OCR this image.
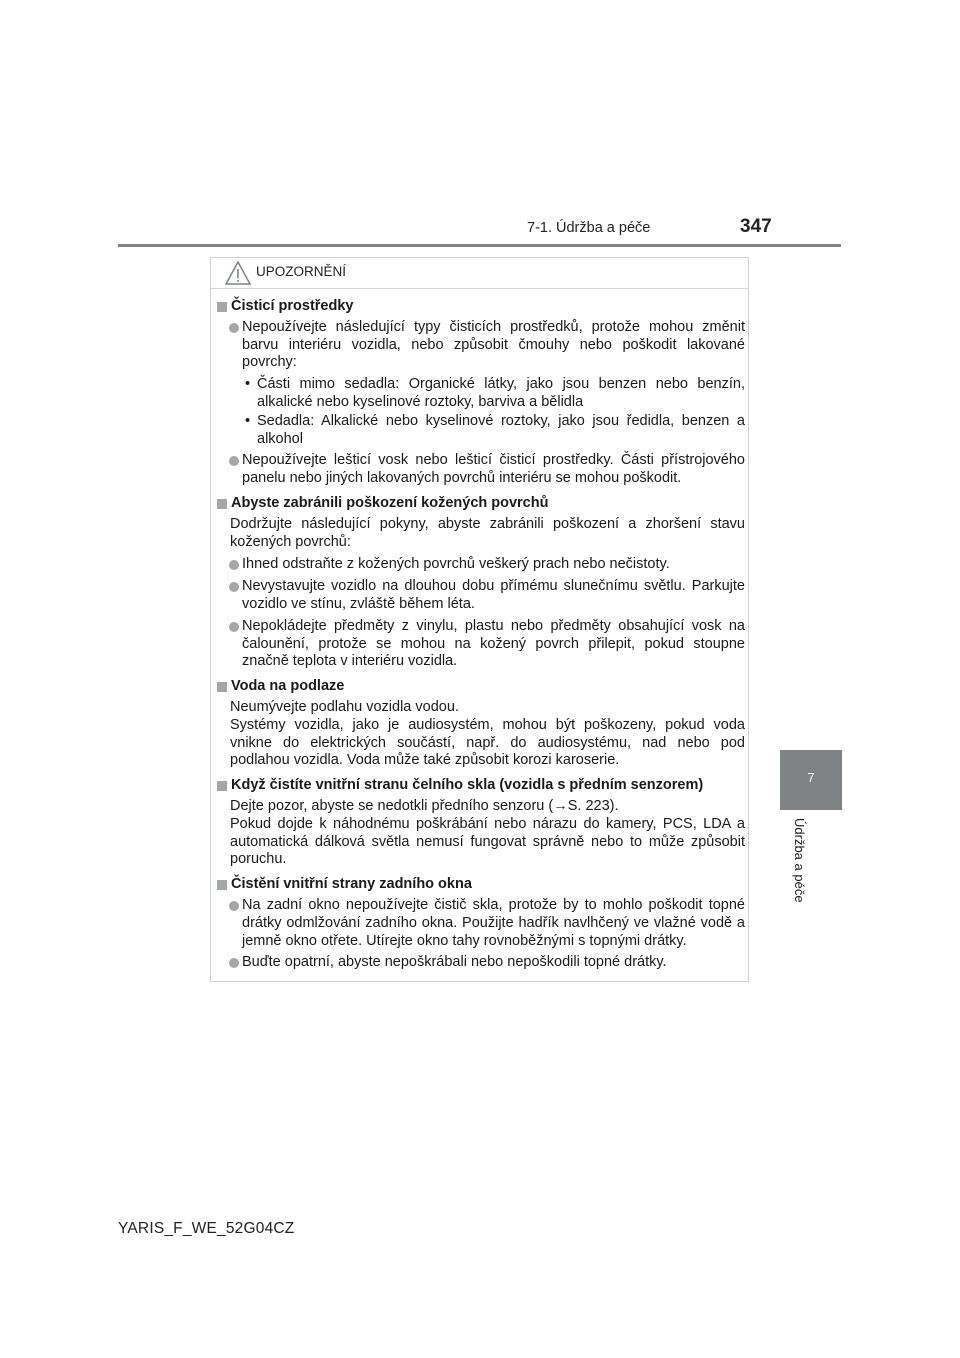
7-1. Údržba a péče	347
7
Údržba a péče
UPOZORNĚNÍ
Čisticí prostředky
Nepoužívejte následující typy čisticích prostředků, protože mohou změnit barvu interiéru vozidla, nebo způsobit čmouhy nebo poškodit lakované povrchy:
• Části mimo sedadla: Organické látky, jako jsou benzen nebo benzín, alkalické nebo kyselinové roztoky, barviva a bělidla
• Sedadla: Alkalické nebo kyselinové roztoky, jako jsou ředidla, benzen a alkohol
Nepoužívejte lešticí vosk nebo lešticí čisticí prostředky. Části přístrojového panelu nebo jiných lakovaných povrchů interiéru se mohou poškodit.
Abyste zabránili poškození kožených povrchů
Dodržujte následující pokyny, abyste zabránili poškození a zhoršení stavu kožených povrchů:
Ihned odstraňte z kožených povrchů veškerý prach nebo nečistoty.
Nevystavujte vozidlo na dlouhou dobu přímému slunečnímu světlu. Parkujte vozidlo ve stínu, zvláště během léta.
Nepokládejte předměty z vinylu, plastu nebo předměty obsahující vosk na čalounění, protože se mohou na kožený povrch přilepit, pokud stoupne značně teplota v interiéru vozidla.
Voda na podlaze
Neumývejte podlahu vozidla vodou.
Systémy vozidla, jako je audiosystém, mohou být poškozeny, pokud voda vnikne do elektrických součástí, např. do audiosystému, nad nebo pod podlahou vozidla. Voda může také způsobit korozi karoserie.
Když čistíte vnitřní stranu čelního skla (vozidla s předním senzorem)
Dejte pozor, abyste se nedotkli předního senzoru (→S. 223).
Pokud dojde k náhodnému poškrábání nebo nárazu do kamery, PCS, LDA a automatická dálková světla nemusí fungovat správně nebo to může způsobit poruchu.
Čistění vnitřní strany zadního okna
Na zadní okno nepoužívejte čistič skla, protože by to mohlo poškodit topné drátky odmlžování zadního okna. Použijte hadřík navlhčený ve vlažné vodě a jemně okno otřete. Utírejte okno tahy rovnoběžnými s topnými drátky.
Buďte opatrní, abyste nepoškrábali nebo nepoškodili topné drátky.
YARIS_F_WE_52G04CZ
